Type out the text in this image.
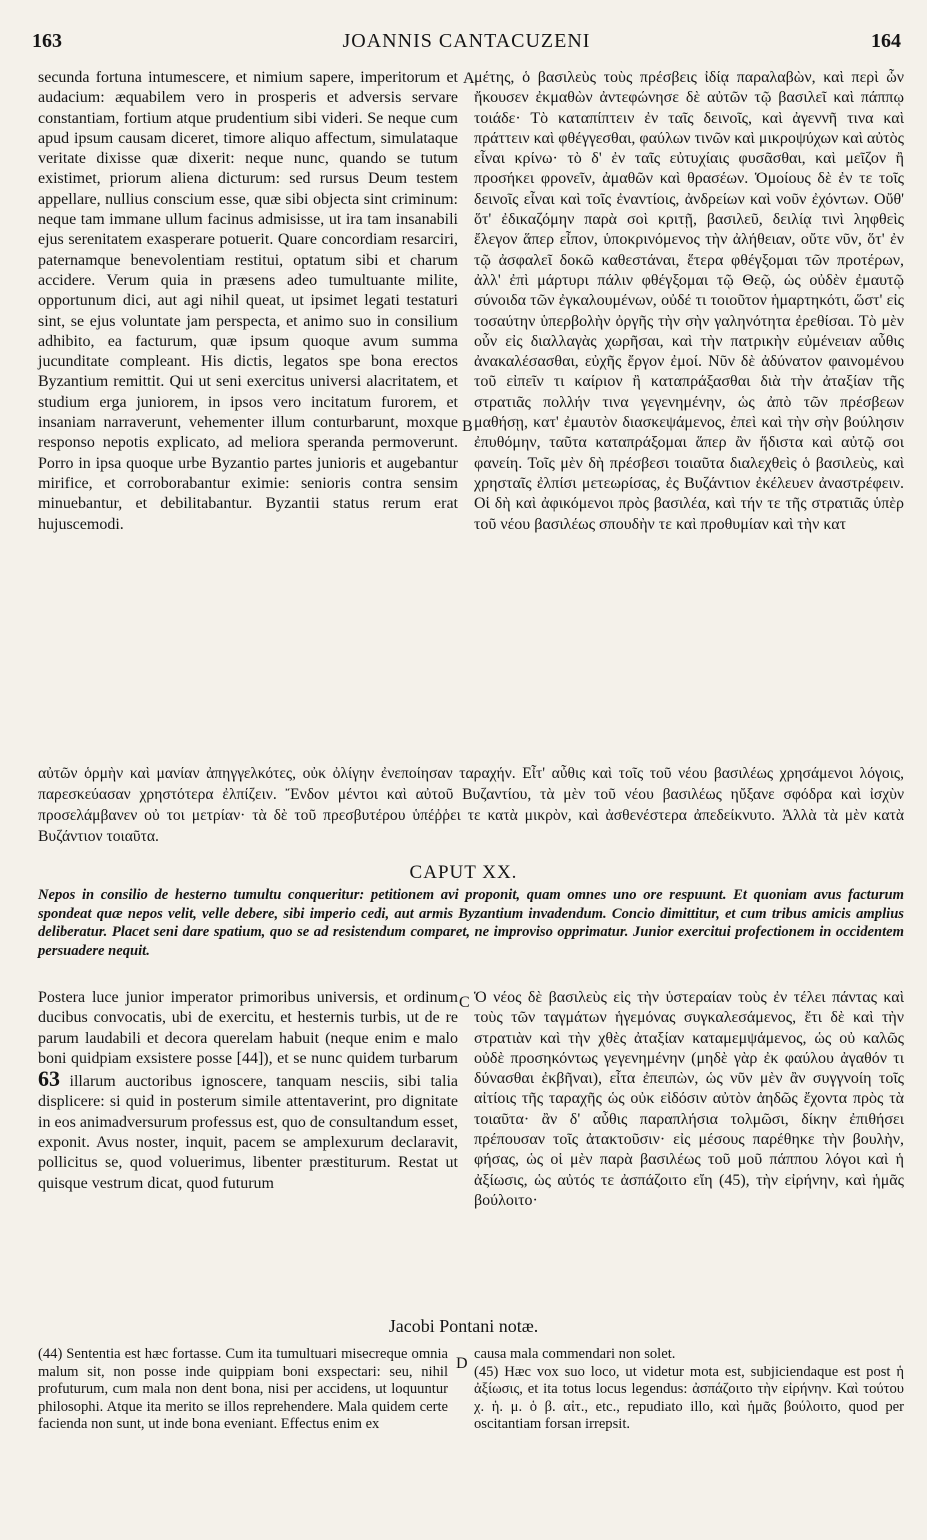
163	JOANNIS CANTACUZENI	164
A
B
C
D

secunda fortuna intumescere, et nimium sapere, imperitorum et audacium: æquabilem vero in prosperis et adversis servare constantiam, fortium atque prudentium sibi videri. Se neque cum apud ipsum causam diceret, timore aliquo affectum, simulataque veritate dixisse quæ dixerit: neque nunc, quando se tutum existimet, priorum aliena dicturum: sed rursus Deum testem appellare, nullius conscium esse, quæ sibi objecta sint criminum: neque tam immane ullum facinus admisisse, ut ira tam insanabili ejus serenitatem exasperare potuerit. Quare concordiam resarciri, paternamque benevolentiam restitui, optatum sibi et charum accidere. Verum quia in præsens adeo tumultuante milite, opportunum dici, aut agi nihil queat, ut ipsimet legati testaturi sint, se ejus voluntate jam perspecta, et animo suo in consilium adhibito, ea facturum, quæ ipsum quoque avum summa jucunditate compleant. His dictis, legatos spe bona erectos Byzantium remittit. Qui ut seni exercitus universi alacritatem, et studium erga juniorem, in ipsos vero incitatum furorem, et insaniam narraverunt, vehementer illum conturbarunt, moxque responso nepotis explicato, ad meliora speranda permoverunt. Porro in ipsa quoque urbe Byzantio partes junioris et augebantur mirifice, et corroborabantur eximie: senioris contra sensim minuebantur, et debilitabantur. Byzantii status rerum erat hujuscemodi.

μέτης, ὁ βασιλεὺς τοὺς πρέσβεις ἰδίᾳ παραλαβὼν, καὶ περὶ ὧν ἤκουσεν ἐκμαθὼν ἀντεφώνησε δὲ αὐτῶν τῷ βασιλεῖ καὶ πάππῳ τοιάδε· Τὸ καταπίπτειν ἐν ταῖς δεινοῖς, καὶ ἀγεννῆ τινα καὶ πράττειν καὶ φθέγγεσθαι, φαύλων τινῶν καὶ μικροψύχων καὶ αὐτὸς εἶναι κρίνω· τὸ δ' ἐν ταῖς εὐτυχίαις φυσᾶσθαι, καὶ μεῖζον ἢ προσήκει φρονεῖν, ἀμαθῶν καὶ θρασέων. Ὁμοίους δὲ ἐν τε τοῖς δεινοῖς εἶναι καὶ τοῖς ἐναντίοις, ἀνδρείων καὶ νοῦν ἐχόντων. Οὔθ' ὅτ' ἐδικαζόμην παρὰ σοὶ κριτῇ, βασιλεῦ, δειλίᾳ τινὶ ληφθεὶς ἔλεγον ἅπερ εἶπον, ὑποκρινόμενος τὴν ἀλήθειαν, οὔτε νῦν, ὅτ' ἐν τῷ ἀσφαλεῖ δοκῶ καθεστάναι, ἕτερα φθέγξομαι τῶν προτέρων, ἀλλ' ἐπὶ μάρτυρι πάλιν φθέγξομαι τῷ Θεῷ, ὡς οὐδὲν ἐμαυτῷ σύνοιδα τῶν ἐγκαλουμένων, οὐδέ τι τοιοῦτον ἡμαρτηκότι, ὥστ' εἰς τοσαύτην ὑπερβολὴν ὀργῆς τὴν σὴν γαληνότητα ἐρεθίσαι. Τὸ μὲν οὖν εἰς διαλλαγὰς χωρῆσαι, καὶ τὴν πατρικὴν εὐμένειαν αὖθις ἀνακαλέσασθαι, εὐχῆς ἔργον ἐμοί. Νῦν δὲ ἀδύνατον φαινομένου τοῦ εἰπεῖν τι καίριον ἢ καταπράξασθαι διὰ τὴν ἀταξίαν τῆς στρατιᾶς πολλήν τινα γεγενημένην, ὡς ἀπὸ τῶν πρέσβεων μαθήσῃ, κατ' ἐμαυτὸν διασκεψάμενος, ἐπεὶ καὶ τὴν σὴν βούλησιν ἐπυθόμην, ταῦτα καταπράξομαι ἅπερ ἂν ἥδιστα καὶ αὐτῷ σοι φανείη. Τοῖς μὲν δὴ πρέσβεσι τοιαῦτα διαλεχθεὶς ὁ βασιλεὺς, καὶ χρησταῖς ἐλπίσι μετεωρίσας, ἐς Βυζάντιον ἐκέλευεν ἀναστρέφειν. Οἱ δὴ καὶ ἀφικόμενοι πρὸς βασιλέα, καὶ τήν τε τῆς στρατιᾶς ὑπὲρ τοῦ νέου βασιλέως σπουδὴν τε καὶ προθυμίαν καὶ τὴν κατ

αὐτῶν ὁρμὴν καὶ μανίαν ἀπηγγελκότες, οὐκ ὀλίγην ἐνεποίησαν ταραχήν. Εἶτ' αὖθις καὶ τοῖς τοῦ νέου βασιλέως χρησάμενοι λόγοις, παρεσκεύασαν χρηστότερα ἐλπίζειν. Ἔνδον μέντοι καὶ αὐτοῦ Βυζαντίου, τὰ μὲν τοῦ νέου βασιλέως ηὔξανε σφόδρα καὶ ἰσχὺν προσελάμβανεν οὐ τοι μετρίαν· τὰ δὲ τοῦ πρεσβυτέρου ὑπέῤῥει τε κατὰ μικρὸν, καὶ ἀσθενέστερα ἀπεδείκνυτο. Ἀλλὰ τὰ μὲν κατὰ Βυζάντιον τοιαῦτα.

CAPUT XX.
Nepos in consilio de hesterno tumultu conqueritur: petitionem avi proponit, quam omnes uno ore respuunt. Et quoniam avus facturum spondeat quæ nepos velit, velle debere, sibi imperio cedi, aut armis Byzantium invadendum. Concio dimittitur, et cum tribus amicis amplius deliberatur. Placet seni dare spatium, quo se ad resistendum comparet, ne improviso opprimatur. Junior exercitui profectionem in occidentem persuadere nequit.

Postera luce junior imperator primoribus universis, et ordinum ducibus convocatis, ubi de exercitu, et hesternis turbis, ut de re parum laudabili et decora querelam habuit (neque enim e malo boni quidpiam exsistere posse [44]), et se nunc quidem turbarum 63 illarum auctoribus ignoscere, tanquam nesciis, sibi talia displicere: si quid in posterum simile attentaverint, pro dignitate in eos animadversurum professus est, quo de consultandum esset, exponit. Avus noster, inquit, pacem se amplexurum declaravit, pollicitus se, quod voluerimus, libenter præstiturum. Restat ut quisque vestrum dicat, quod futurum

Ὁ νέος δὲ βασιλεὺς εἰς τὴν ὑστεραίαν τοὺς ἐν τέλει πάντας καὶ τοὺς τῶν ταγμάτων ἡγεμόνας συγκαλεσάμενος, ἔτι δὲ καὶ τὴν στρατιὰν καὶ τὴν χθὲς ἀταξίαν καταμεμψάμενος, ὡς οὐ καλῶς οὐδὲ προσηκόντως γεγενημένην (μηδὲ γὰρ ἐκ φαύλου ἀγαθόν τι δύνασθαι ἐκβῆναι), εἶτα ἐπειπὼν, ὡς νῦν μὲν ἂν συγγνοίη τοῖς αἰτίοις τῆς ταραχῆς ὡς οὐκ εἰδόσιν αὐτὸν ἀηδῶς ἔχοντα πρὸς τὰ τοιαῦτα· ἂν δ' αὖθις παραπλήσια τολμῶσι, δίκην ἐπιθήσει πρέπουσαν τοῖς ἀτακτοῦσιν· εἰς μέσους παρέθηκε τὴν βουλὴν, φήσας, ὡς οἱ μὲν παρὰ βασιλέως τοῦ μοῦ πάππου λόγοι καὶ ἡ ἀξίωσις, ὡς αὐτός τε ἀσπάζοιτο εἴη (45), τὴν εἰρήνην, καὶ ἡμᾶς βούλοιτο·

Jacobi Pontani notæ.

(44) Sententia est hæc fortasse. Cum ita tumultuari misecreque omnia malum sit, non posse inde quippiam boni exspectari: seu, nihil profuturum, cum mala non dent bona, nisi per accidens, ut loquuntur philosophi. Atque ita merito se illos reprehendere. Mala quidem certe facienda non sunt, ut inde bona eveniant. Effectus enim ex

causa mala commendari non solet.

(45) Hæc vox suo loco, ut videtur mota est, subjiciendaque est post ἡ ἀξίωσις, et ita totus locus legendus: ἀσπάζοιτο τὴν εἰρήνην. Καὶ τούτου χ. ἡ. μ. ὁ β. αἰτ., etc., repudiato illo, καὶ ἡμᾶς βούλοιτο, quod per oscitantiam forsan irrepsit.
